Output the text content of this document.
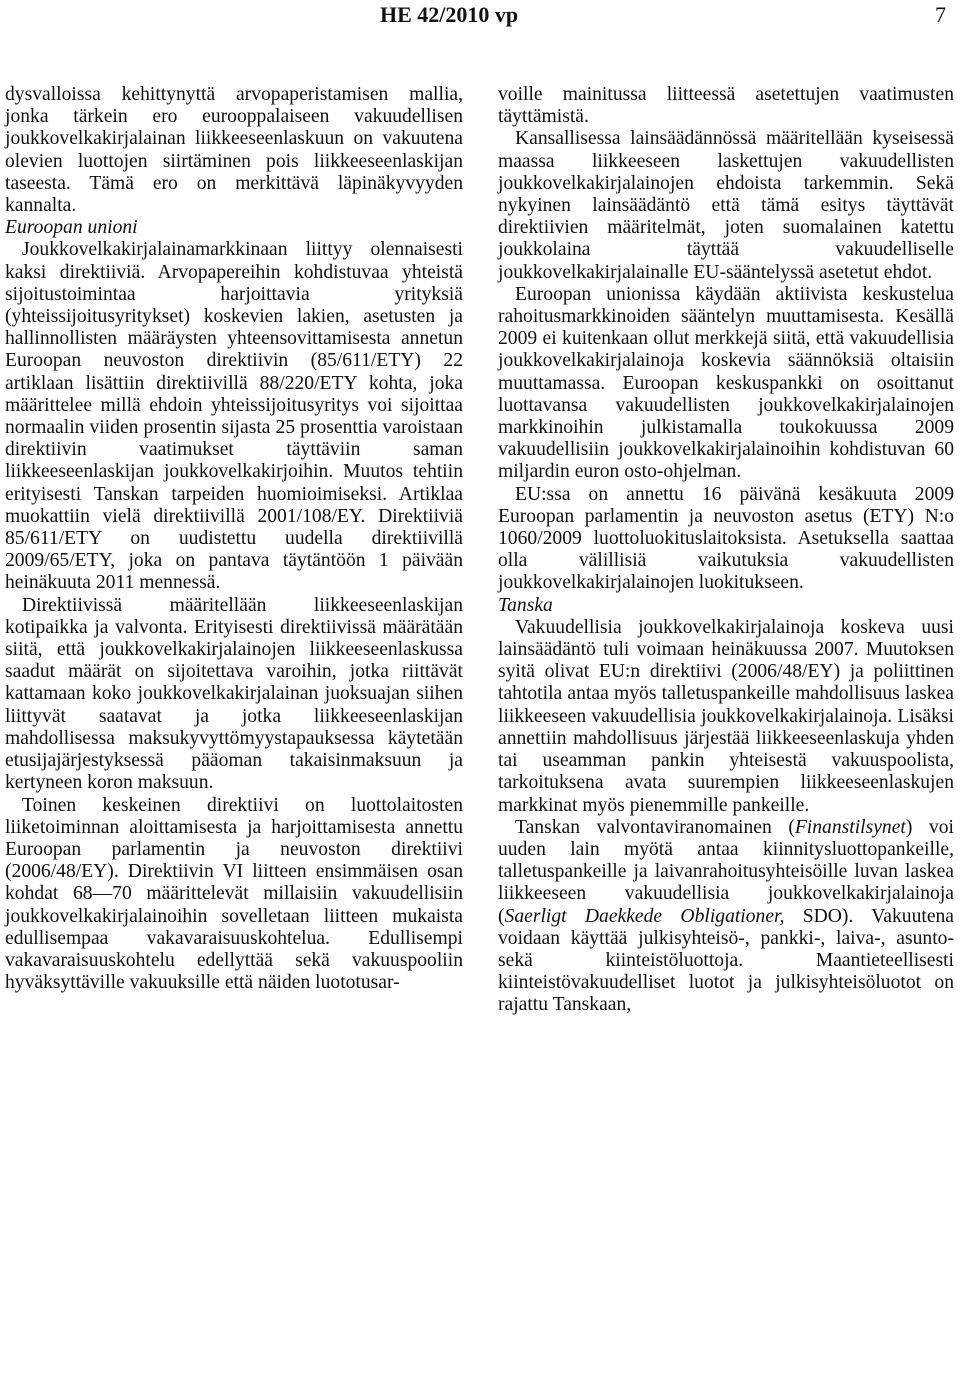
HE 42/2010 vp	7

dysvalloissa kehittynyttä arvopaperistamisen mallia, jonka tärkein ero eurooppalaiseen vakuudellisen joukkovelkakirjalainan liikkeeseenlaskuun on vakuutena olevien luottojen siirtäminen pois liikkeeseenlaskijan taseesta. Tämä ero on merkittävä läpinäkyvyyden kannalta.

Euroopan unioni

Joukkovelkakirjalainamarkkinaan liittyy olennaisesti kaksi direktiiviä. Arvopapereihin kohdistuvaa yhteistä sijoitustoimintaa harjoittavia yrityksiä (yhteissijoitusyritykset) koskevien lakien, asetusten ja hallinnollisten määräysten yhteensovittamisesta annetun Euroopan neuvoston direktiivin (85/611/ETY) 22 artiklaan lisättiin direktiivillä 88/220/ETY kohta, joka määrittelee millä ehdoin yhteissijoitusyritys voi sijoittaa normaalin viiden prosentin sijasta 25 prosenttia varoistaan direktiivin vaatimukset täyttäviin saman liikkeeseenlaskijan joukkovelkakirjoihin. Muutos tehtiin erityisesti Tanskan tarpeiden huomioimiseksi. Artiklaa muokattiin vielä direktiivillä 2001/108/EY. Direktiiviä 85/611/ETY on uudistettu uudella direktiivillä 2009/65/ETY, joka on pantava täytäntöön 1 päivään heinäkuuta 2011 mennessä.

Direktiivissä määritellään liikkeeseenlaskijan kotipaikka ja valvonta. Erityisesti direktiivissä määrätään siitä, että joukkovelkakirjalainojen liikkeeseenlaskussa saadut määrät on sijoitettava varoihin, jotka riittävät kattamaan koko joukkovelkakirjalainan juoksuajan siihen liittyvät saatavat ja jotka liikkeeseenlaskijan mahdollisessa maksukyvyttömyystapauksessa käytetään etusijajärjestyksessä pääoman takaisinmaksuun ja kertyneen koron maksuun.

Toinen keskeinen direktiivi on luottolaitosten liiketoiminnan aloittamisesta ja harjoittamisesta annettu Euroopan parlamentin ja neuvoston direktiivi (2006/48/EY). Direktiivin VI liitteen ensimmäisen osan kohdat 68—70 määrittelevät millaisiin vakuudellisiin joukkovelkakirjalainoihin sovelletaan liitteen mukaista edullisempaa vakavaraisuuskohtelua. Edullisempi vakavaraisuuskohtelu edellyttää sekä vakuuspooliin hyväksyttäville vakuuksille että näiden luototusar-

voille mainitussa liitteessä asetettujen vaatimusten täyttämistä.

Kansallisessa lainsäädännössä määritellään kyseisessä maassa liikkeeseen laskettujen vakuudellisten joukkovelkakirjalainojen ehdoista tarkemmin. Sekä nykyinen lainsäädäntö että tämä esitys täyttävät direktiivien määritelmät, joten suomalainen katettu joukkolaina täyttää vakuudelliselle joukkovelkakirjalainalle EU-sääntelyssä asetetut ehdot.

Euroopan unionissa käydään aktiivista keskustelua rahoitusmarkkinoiden sääntelyn muuttamisesta. Kesällä 2009 ei kuitenkaan ollut merkkejä siitä, että vakuudellisia joukkovelkakirjalainoja koskevia säännöksiä oltaisiin muuttamassa. Euroopan keskuspankki on osoittanut luottavansa vakuudellisten joukkovelkakirjalainojen markkinoihin julkistamalla toukokuussa 2009 vakuudellisiin joukkovelkakirjalainoihin kohdistuvan 60 miljardin euron osto-ohjelman.

EU:ssa on annettu 16 päivänä kesäkuuta 2009 Euroopan parlamentin ja neuvoston asetus (ETY) N:o 1060/2009 luottoluokituslaitoksista. Asetuksella saattaa olla välillisiä vaikutuksia vakuudellisten joukkovelkakirjalainojen luokitukseen.

Tanska

Vakuudellisia joukkovelkakirjalainoja koskeva uusi lainsäädäntö tuli voimaan heinäkuussa 2007. Muutoksen syitä olivat EU:n direktiivi (2006/48/EY) ja poliittinen tahtotila antaa myös talletuspankeille mahdollisuus laskea liikkeeseen vakuudellisia joukkovelkakirjalainoja. Lisäksi annettiin mahdollisuus järjestää liikkeeseenlaskuja yhden tai useamman pankin yhteisestä vakuuspoolista, tarkoituksena avata suurempien liikkeeseenlaskujen markkinat myös pienemmille pankeille.

Tanskan valvontaviranomainen (Finanstilsynet) voi uuden lain myötä antaa kiinnitysluottopankeille, talletuspankeille ja laivanrahoitusyhteisöille luvan laskea liikkeeseen vakuudellisia joukkovelkakirjalainoja (Saerligt Daekkede Obligationer, SDO). Vakuutena voidaan käyttää julkisyhteisö-, pankki-, laiva-, asunto- sekä kiinteistöluottoja. Maantieteellisesti kiinteistövakuudelliset luotot ja julkisyhteisöluotot on rajattu Tanskaan,
